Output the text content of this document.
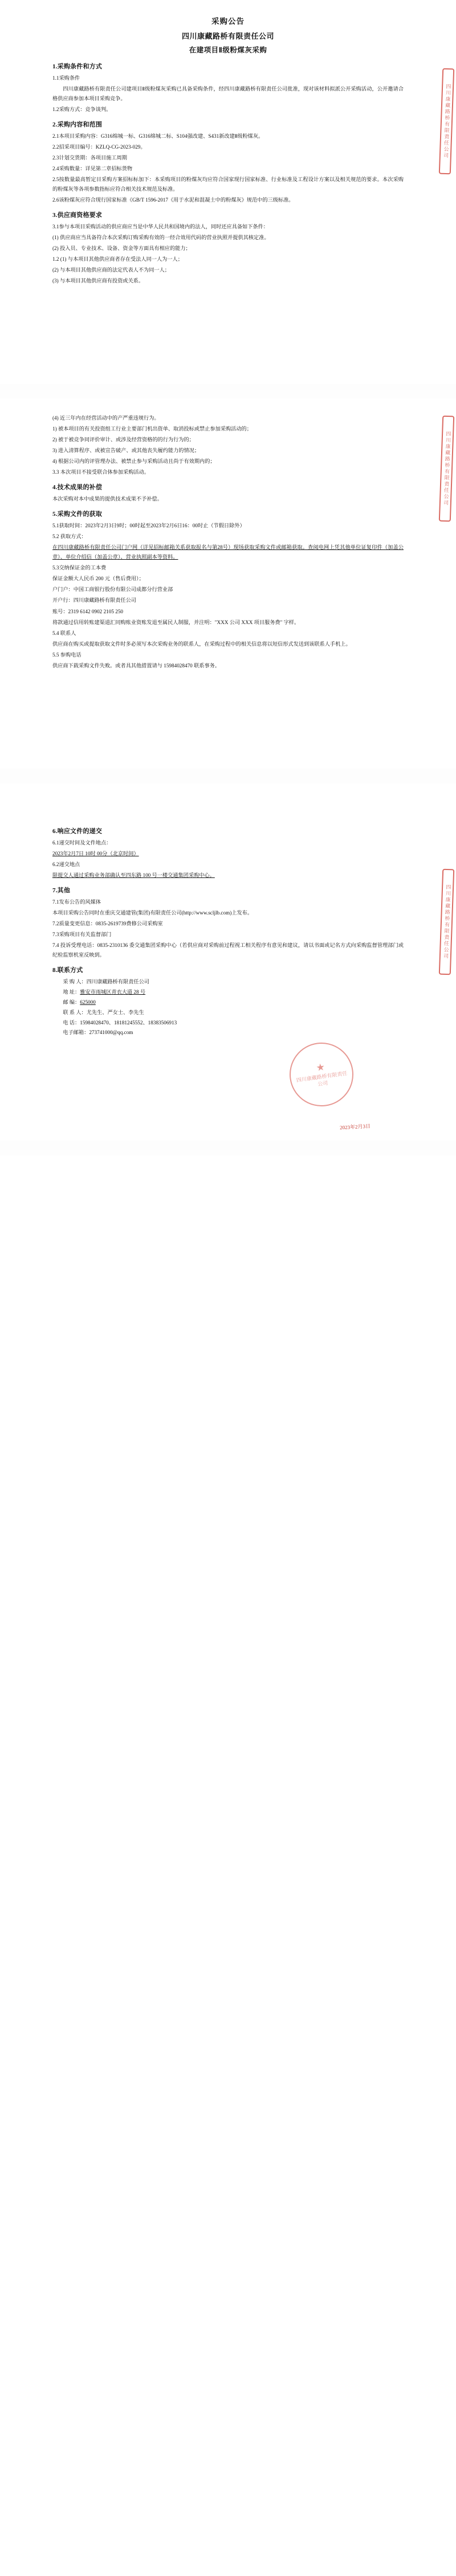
采购公告
四川康藏路桥有限责任公司
在建项目Ⅱ级粉煤灰采购
1.采购条件和方式

1.1采购条件

四川康藏路桥有限责任公司建项目Ⅱ级粉煤灰采购已具备采购条件，经四川康藏路桥有限责任公司批准，现对该材料拟派公开采购活动，公开邀请合格供应商参加本项目采购竞争。

1.2采购方式：竞争谈判。

2.采购内容和范围

2.1本项目采购内容：G316绵城一标、G316绵城二标、S104强改建、S431新改建Ⅱ级粉煤灰。

2.2招采项目编号：KZLQ-CG-2023-029。

2.3计划交货期：各项目施工周期

2.4采购数量：详见第二章招标货物

2.5按数量最高暂定目采购方案招标标加下：本采购项目的粉煤灰均应符合国家现行国家标准、行业标准及工程设计方案以及相关规范的要求。本次采购的粉煤灰等各项参数指标应符合相关技术规范及标准。

2.6该粉煤灰应符合现行国家标准《GB/T 1596-2017《用于水泥和混凝土中的粉煤灰》规范中的三级标准。

3.供应商资格要求

3.1参与本项目采购活动的供应商应当是中华人民共和国境内的法人，同时还应具备如下条件：

(1) 供应商应当具备符合本次采购订购采购有效的一经合效用代码的营业执照并提供其核定准。

(2) 投入员、专业技术、设备、资金等方面具有相应的能力；

1.2 (1) 与本项目其他供应商者存在受法人同一人为一人；

(2) 与本项目其他供应商的法定代表人不为同一人；

(3) 与本项目其他供应商有投资或关系。

四川康藏路桥有限责任公司

(4) 近三年内在经营活动中的产严重违规行为。

1) 被本项目的有关投资组工行业主要部门机出资单、取消投标或禁止参加采购活动的；

2) 被于被竞争同评价审计、或涉及经营资格的的行为行为的；

3) 进入清算程序、或被宣告破产、或其他丧失履约能力的情况；

4) 根据公司内的评管理办法、被禁止参与采购活动且尚于有效期内的；

3.3 本次项目不接受联合体参加采购活动。

4.技术成果的补偿

本次采购对本中成果的提供技术成果不予补偿。

5.采购文件的获取

5.1获取时间：2023年2月3日9时；00时起至2023年2月6日16：00时止（节假日除外）

5.2 获取方式：

在四川康藏路桥有限责任公司门户网（详见招标邮箱关系获取报名与第28号）现场获取采购文件或邮箱获取。查阅电网上凭其他单位证复印件（加盖公章）、单位介绍信（加盖公章）、营业执照副本等资料。

5.3交纳保证金的工本费

保证金额大人民币 200 元（售后费用）；

户门户：中国工商银行股份有限公司成都分行营业部

开户行：四川康藏路桥有限责任公司

账号：2319 6142 0902 2105 250

将款通过信用转账建渠道汇同购账业资账发退至属民人制服，并注明："XXX 公司 XXX 项目服务费" 字样。

5.4 联系人

供应商在购买或提取获取文件时多必须写本次采购业务的联系人，在采购过程中的相关信息将以短信形式发送到该联系人手机上。

5.5 参购电话

供应商下载采购文件失败。或者具其他措置请与 15984028470 联系事务。

四川康藏路桥有限责任公司
6.响应文件的递交

6.1递交时间及文件地点：

2023年2月7日 10时 00分（北京时间）

6.2递交地点

限提交人通过采购业务部确认至四东路 100 号一楼交通集团采购中心。

7.其他

7.1发布公告的风媒体

本项目采购公告同时在重庆交通建管(集团)有限责任公司(http://www.scljlb.com)上发布。

7.2质量变更信息：0835-2619739费修公司采购室

7.3采购项目有关监督部门

7.4 投诉受理电话：0835-2310136 委交通集团采购中心（若供应商对采购前过程视工相关程序有意见和建议，请以书面或记名方式向采购监督管理部门或纪检监察机室反映到。

8.联系方式

采 购 人：四川康藏路桥有限责任公司

地 址：雅安市雨城区青衣大道 28 号

邮 编：625000

联 系 人：尤先生、严女士、李先生

电 话：15984028470、18181245552、18383506913

电子邮箱：273741000@qq.com

四川康藏路桥有限责任公司
★
四川康藏路桥有限责任公司
2023年2月3日
